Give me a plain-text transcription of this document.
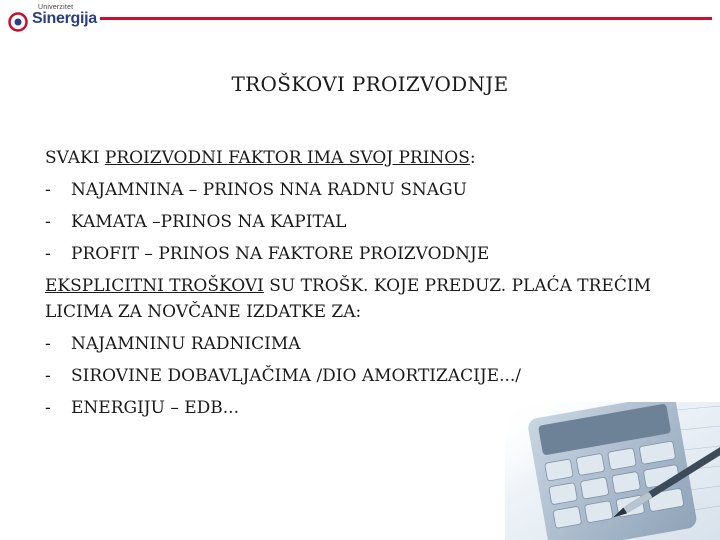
Univerzitet
Sinergija
TROŠKOVI PROIZVODNJE
SVAKI PROIZVODNI FAKTOR IMA SVOJ PRINOS:
- NAJAMNINA – PRINOS NNA RADNU SNAGU
- KAMATA –PRINOS NA KAPITAL
- PROFIT – PRINOS NA FAKTORE PROIZVODNJE
EKSPLICITNI TROŠKOVI SU TROŠK. KOJE PREDUZ. PLAĆA TREĆIM LICIMA ZA NOVČANE IZDATKE ZA:
- NAJAMNINU RADNICIMA
- SIROVINE DOBAVLJAČIMA /DIO AMORTIZACIJE.../
- ENERGIJU – EDB...
